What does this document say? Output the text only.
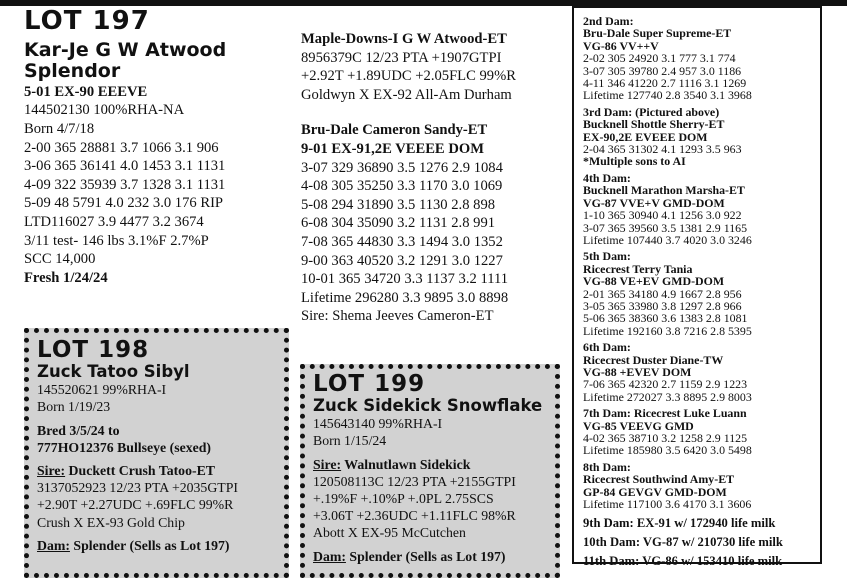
LOT 197
Kar-Je G W Atwood Splendor
5-01 EX-90 EEEVE
144502130 100%RHA-NA
Born 4/7/18
2-00 365 28881 3.7 1066 3.1 906
3-06 365 36141 4.0 1453 3.1 1131
4-09 322 35939 3.7 1328 3.1 1131
5-09 48 5791 4.0 232 3.0 176 RIP
LTD116027 3.9 4477 3.2 3674
3/11 test- 146 lbs 3.1%F 2.7%P
SCC 14,000
Fresh 1/24/24
Maple-Downs-I G W Atwood-ET
8956379C 12/23 PTA +1907GTPI
+2.92T +1.89UDC +2.05FLC 99%R
Goldwyn X EX-92 All-Am Durham
Bru-Dale Cameron Sandy-ET
9-01 EX-91,2E VEEEE DOM
3-07 329 36890 3.5 1276 2.9 1084
4-08 305 35250 3.3 1170 3.0 1069
5-08 294 31890 3.5 1130 2.8 898
6-08 304 35090 3.2 1131 2.8 991
7-08 365 44830 3.3 1494 3.0 1352
9-00 363 40520 3.2 1291 3.0 1227
10-01 365 34720 3.3 1137 3.2 1111
Lifetime 296280 3.3 9895 3.0 8898
Sire: Shema Jeeves Cameron-ET
LOT 198
Zuck Tatoo Sibyl
145520621 99%RHA-I
Born 1/19/23
Bred 3/5/24 to
777HO12376 Bullseye (sexed)
Sire: Duckett Crush Tatoo-ET
3137052923 12/23 PTA +2035GTPI
+2.90T +2.27UDC +.69FLC 99%R
Crush X EX-93 Gold Chip
Dam: Splender (Sells as Lot 197)
LOT 199
Zuck Sidekick Snowflake
145643140 99%RHA-I
Born 1/15/24
Sire: Walnutlawn Sidekick
120508113C 12/23 PTA +2155GTPI
+.19%F +.10%P +.0PL 2.75SCS
+3.06T +2.36UDC +1.11FLC 98%R
Abott X EX-95 McCutchen
Dam: Splender (Sells as Lot 197)
2nd Dam:
Bru-Dale Super Supreme-ET
VG-86 VV++V
2-02 305 24920 3.1 777 3.1 774
3-07 305 39780 2.4 957 3.0 1186
4-11 346 41220 2.7 1116 3.1 1269
Lifetime 127740 2.8 3540 3.1 3968
3rd Dam: (Pictured above)
Bucknell Shottle Sherry-ET
EX-90,2E EVEEE DOM
2-04 365 31302 4.1 1293 3.5 963
*Multiple sons to AI
4th Dam:
Bucknell Marathon Marsha-ET
VG-87 VVE+V GMD-DOM
1-10 365 30940 4.1 1256 3.0 922
3-07 365 39560 3.5 1381 2.9 1165
Lifetime 107440 3.7 4020 3.0 3246
5th Dam:
Ricecrest Terry Tania
VG-88 VE+EV GMD-DOM
2-01 365 34180 4.9 1667 2.8 956
3-05 365 33980 3.8 1297 2.8 966
5-06 365 38360 3.6 1383 2.8 1081
Lifetime 192160 3.8 7216 2.8 5395
6th Dam:
Ricecrest Duster Diane-TW
VG-88 +EVEV DOM
7-06 365 42320 2.7 1159 2.9 1223
Lifetime 272027 3.3 8895 2.9 8003
7th Dam: Ricecrest Luke Luann
VG-85 VEEVG GMD
4-02 365 38710 3.2 1258 2.9 1125
Lifetime 185980 3.5 6420 3.0 5498
8th Dam:
Ricecrest Southwind Amy-ET
GP-84 GEVGV GMD-DOM
Lifetime 117100 3.6 4170 3.1 3606
9th Dam: EX-91 w/ 172940 life milk
10th Dam: VG-87 w/ 210730 life milk
11th Dam: VG-86 w/ 153410 life milk
